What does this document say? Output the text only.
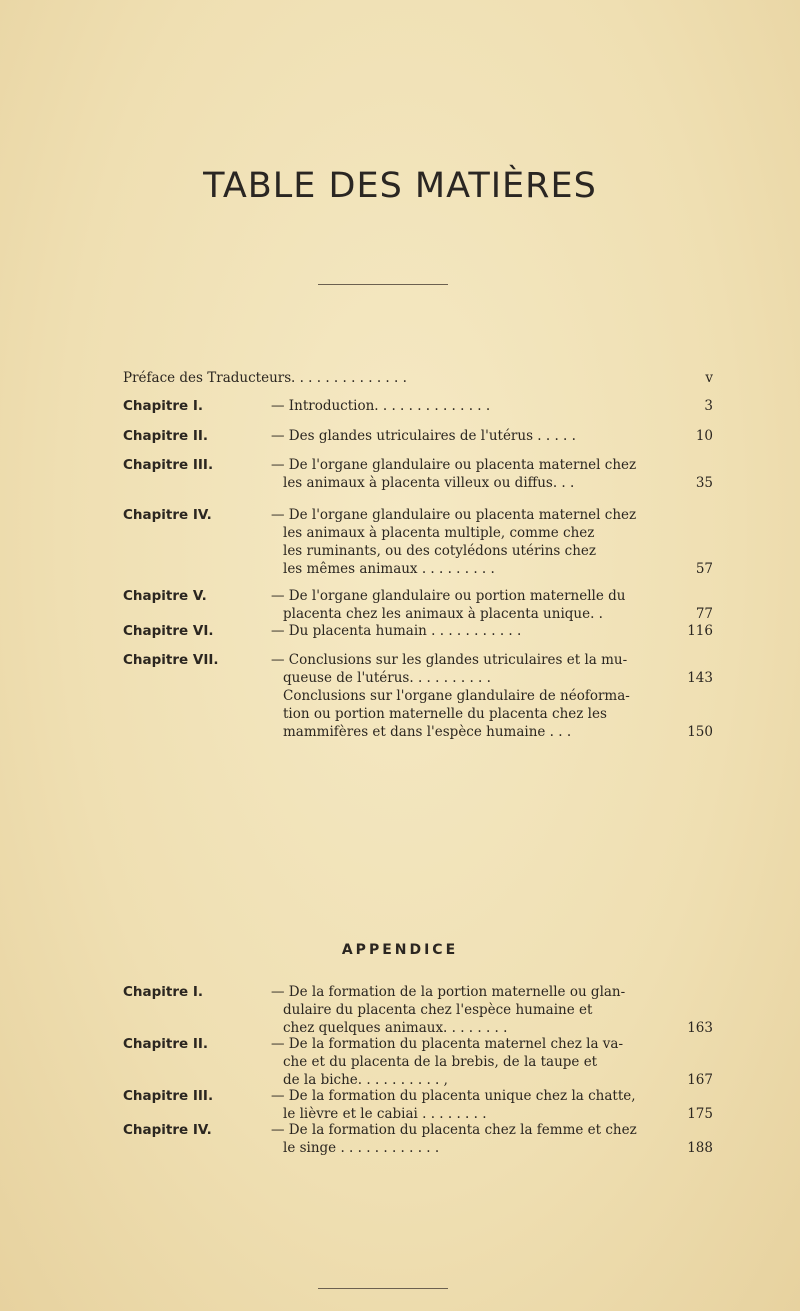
TABLE DES MATIÈRES
Préface des Traducteurs . . . . . . . . . . . . . .	v
Chapitre I.	— Introduction. . . . . . . . . . . . . .	3
Chapitre II.	— Des glandes utriculaires de l'utérus . . . . .	10
Chapitre III.	— De l'organe glandulaire ou placenta maternel chez
les animaux à placenta villeux ou diffus. . .	35
Chapitre IV.	— De l'organe glandulaire ou placenta maternel chez
les animaux à placenta multiple, comme chez
les ruminants, ou des cotylédons utérins chez
les mêmes animaux . . . . . . . . .	57
Chapitre V.	— De l'organe glandulaire ou portion maternelle du
placenta chez les animaux à placenta unique. .	77
Chapitre VI.	— Du placenta humain . . . . . . . . . . .	116
Chapitre VII.	— Conclusions sur les glandes utriculaires et la mu-
queuse de l'utérus. . . . . . . . . .	143
Conclusions sur l'organe glandulaire de néoforma-
tion ou portion maternelle du placenta chez les
mammifères et dans l'espèce humaine . . .	150
APPENDICE
Chapitre I.	— De la formation de la portion maternelle ou glan-
dulaire du placenta chez l'espèce humaine et
chez quelques animaux. . . . . . . .	163
Chapitre II.	— De la formation du placenta maternel chez la va-
che et du placenta de la brebis, de la taupe et
de la biche. . . . . . . . . . ,	167
Chapitre III.	— De la formation du placenta unique chez la chatte,
le lièvre et le cabiai . . . . . . . .	175
Chapitre IV.	— De la formation du placenta chez la femme et chez
le singe . . . . . . . . . . . .	188
